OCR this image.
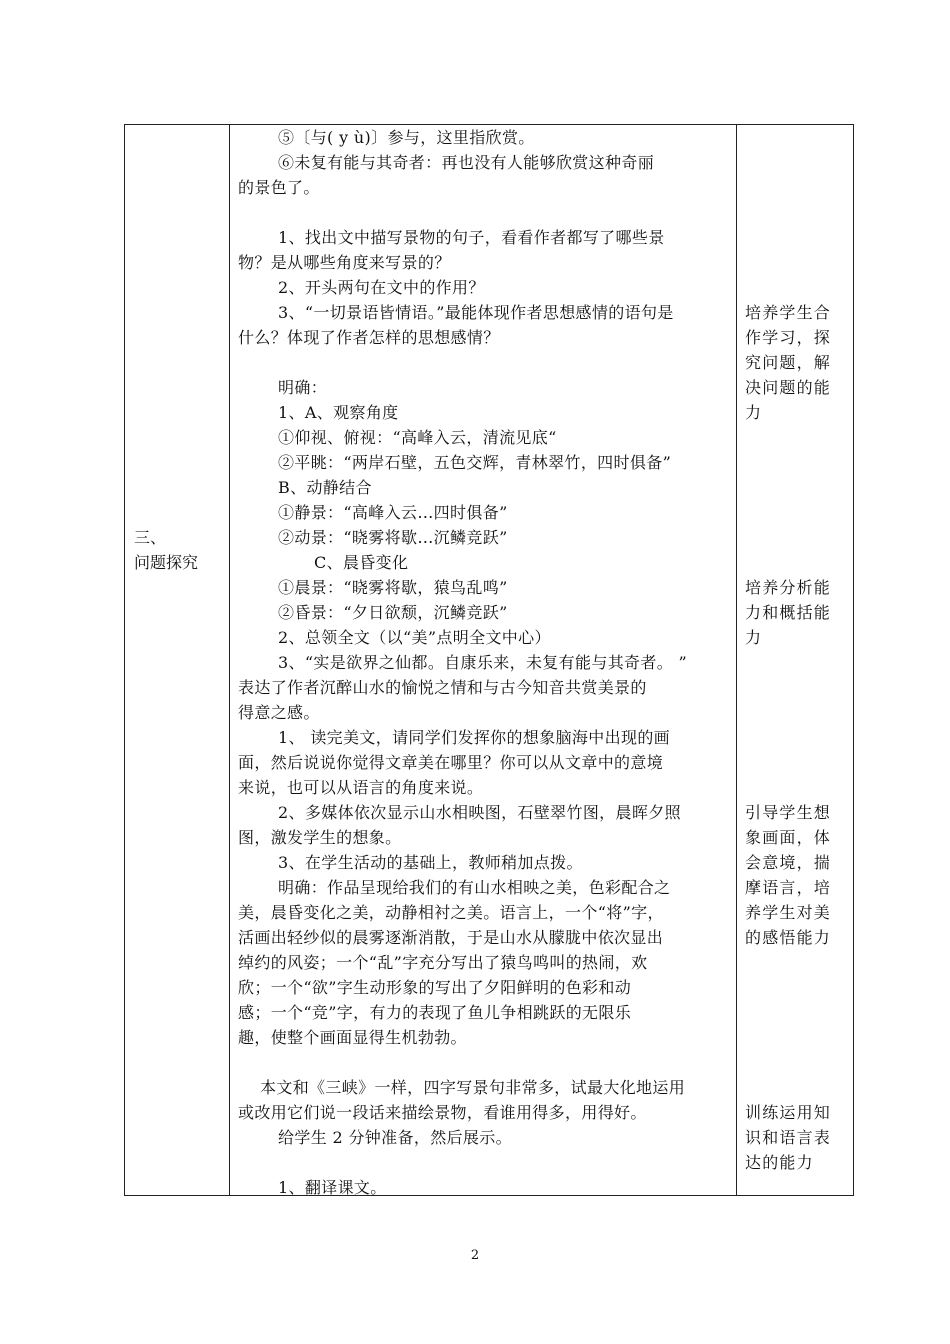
三、
问题探究
⑤〔与( y ù)〕参与，这里指欣赏。
⑥未复有能与其奇者：再也没有人能够欣赏这种奇丽
的景色了。
1、找出文中描写景物的句子，看看作者都写了哪些景
物？是从哪些角度来写景的？
2、开头两句在文中的作用？
3、“一切景语皆情语。”最能体现作者思想感情的语句是
什么？体现了作者怎样的思想感情？
明确：
1、A、观察角度
①仰视、俯视：“高峰入云，清流见底“
②平眺：“两岸石壁，五色交辉，青林翠竹，四时俱备”
B、动静结合
①静景：“高峰入云…四时俱备”
②动景：“晓雾将歇…沉鳞竞跃”
C、晨昏变化
①晨景：“晓雾将歇，猿鸟乱鸣”
②昏景：“夕日欲颓，沉鳞竞跃”
2、总领全文（以“美”点明全文中心）
3、“实是欲界之仙都。自康乐来，未复有能与其奇者。 ”
表达了作者沉醉山水的愉悦之情和与古今知音共赏美景的
得意之感。
1、 读完美文，请同学们发挥你的想象脑海中出现的画
面，然后说说你觉得文章美在哪里？你可以从文章中的意境
来说，也可以从语言的角度来说。
2、多媒体依次显示山水相映图，石壁翠竹图，晨晖夕照
图，激发学生的想象。
3、在学生活动的基础上，教师稍加点拨。
明确：作品呈现给我们的有山水相映之美，色彩配合之
美，晨昏变化之美，动静相衬之美。语言上，一个“将”字，
活画出轻纱似的晨雾逐渐消散，于是山水从朦胧中依次显出
绰约的风姿；一个“乱”字充分写出了猿鸟鸣叫的热闹，欢
欣；一个“欲”字生动形象的写出了夕阳鲜明的色彩和动
感；一个“竞”字，有力的表现了鱼儿争相跳跃的无限乐
趣，使整个画面显得生机勃勃。
本文和《三峡》一样，四字写景句非常多，试最大化地运用
或改用它们说一段话来描绘景物，看谁用得多，用得好。
给学生 2 分钟准备，然后展示。
1、翻译课文。
培养学生合
作学习，探
究问题，解
决问题的能
力
培养分析能
力和概括能
力
引导学生想
象画面，体
会意境，揣
摩语言，培
养学生对美
的感悟能力
训练运用知
识和语言表
达的能力
2
